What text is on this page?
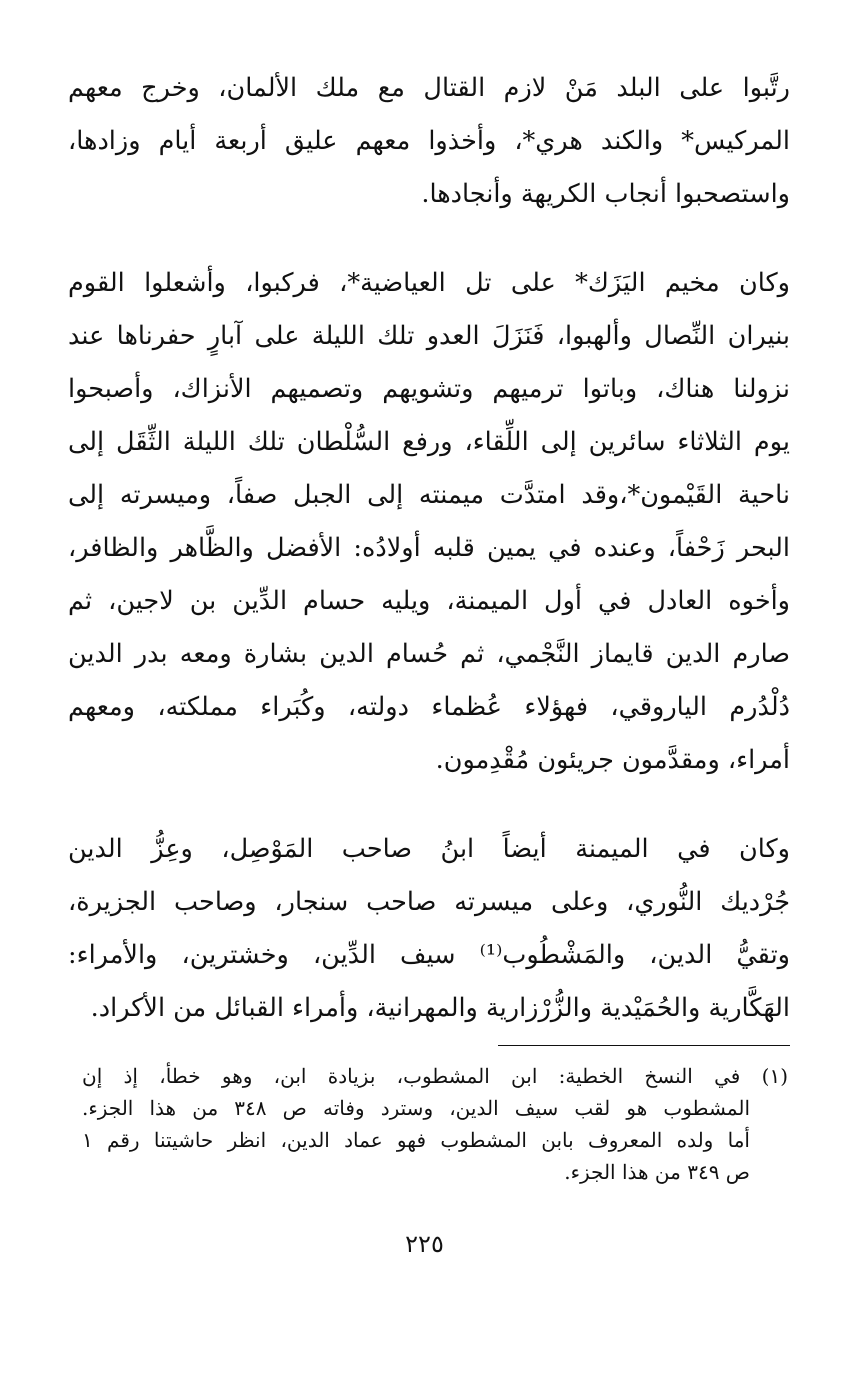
رتَّبوا على البلد مَنْ لازم القتال مع ملك الألمان، وخرج معهم
المركيس* والكند هري*، وأخذوا معهم عليق أربعة أيام وزادها،
واستصحبوا أنجاب الكريهة وأنجادها.

وكان مخيم اليَزَك* على تل العياضية*، فركبوا، وأشعلوا القوم
بنيران النِّصال وألهبوا، فَنَزَلَ العدو تلك الليلة على آبارٍ حفرناها عند
نزولنا هناك، وباتوا ترميهم وتشويهم وتصميهم الأنزاك، وأصبحوا
يوم الثلاثاء سائرين إلى اللِّقاء، ورفع السُّلْطان تلك الليلة الثِّقَل إلى
ناحية القَيْمون*،وقد امتدَّت ميمنته إلى الجبل صفاً، وميسرته إلى
البحر زَحْفاً، وعنده في يمين قلبه أولادُه: الأفضل والظَّاهر والظافر،
وأخوه العادل في أول الميمنة، ويليه حسام الدِّين بن لاجين، ثم
صارم الدين قايماز النَّجْمي، ثم حُسام الدين بشارة ومعه بدر الدين
دُلْدُرم الياروقي، فهؤلاء عُظماء دولته، وكُبَراء مملكته، ومعهم
أمراء، ومقدَّمون جريئون مُقْدِمون.

وكان في الميمنة أيضاً ابنُ صاحب المَوْصِل، وعِزُّ الدين
جُرْديك النُّوري، وعلى ميسرته صاحب سنجار، وصاحب الجزيرة،
وتقيُّ الدين، والمَشْطُوب⁽¹⁾ سيف الدِّين، وخشترين، والأمراء:
الهَكَّارية والحُمَيْدية والزُّرْزارية والمهرانية، وأمراء القبائل من الأكراد.

(١) في النسخ الخطية: ابن المشطوب، بزيادة ابن، وهو خطأ، إذ إن
المشطوب هو لقب سيف الدين، وسترد وفاته ص ٣٤٨ من هذا الجزء.
أما ولده المعروف بابن المشطوب فهو عماد الدين، انظر حاشيتنا رقم ١
ص ٣٤٩ من هذا الجزء.
٢٢٥
